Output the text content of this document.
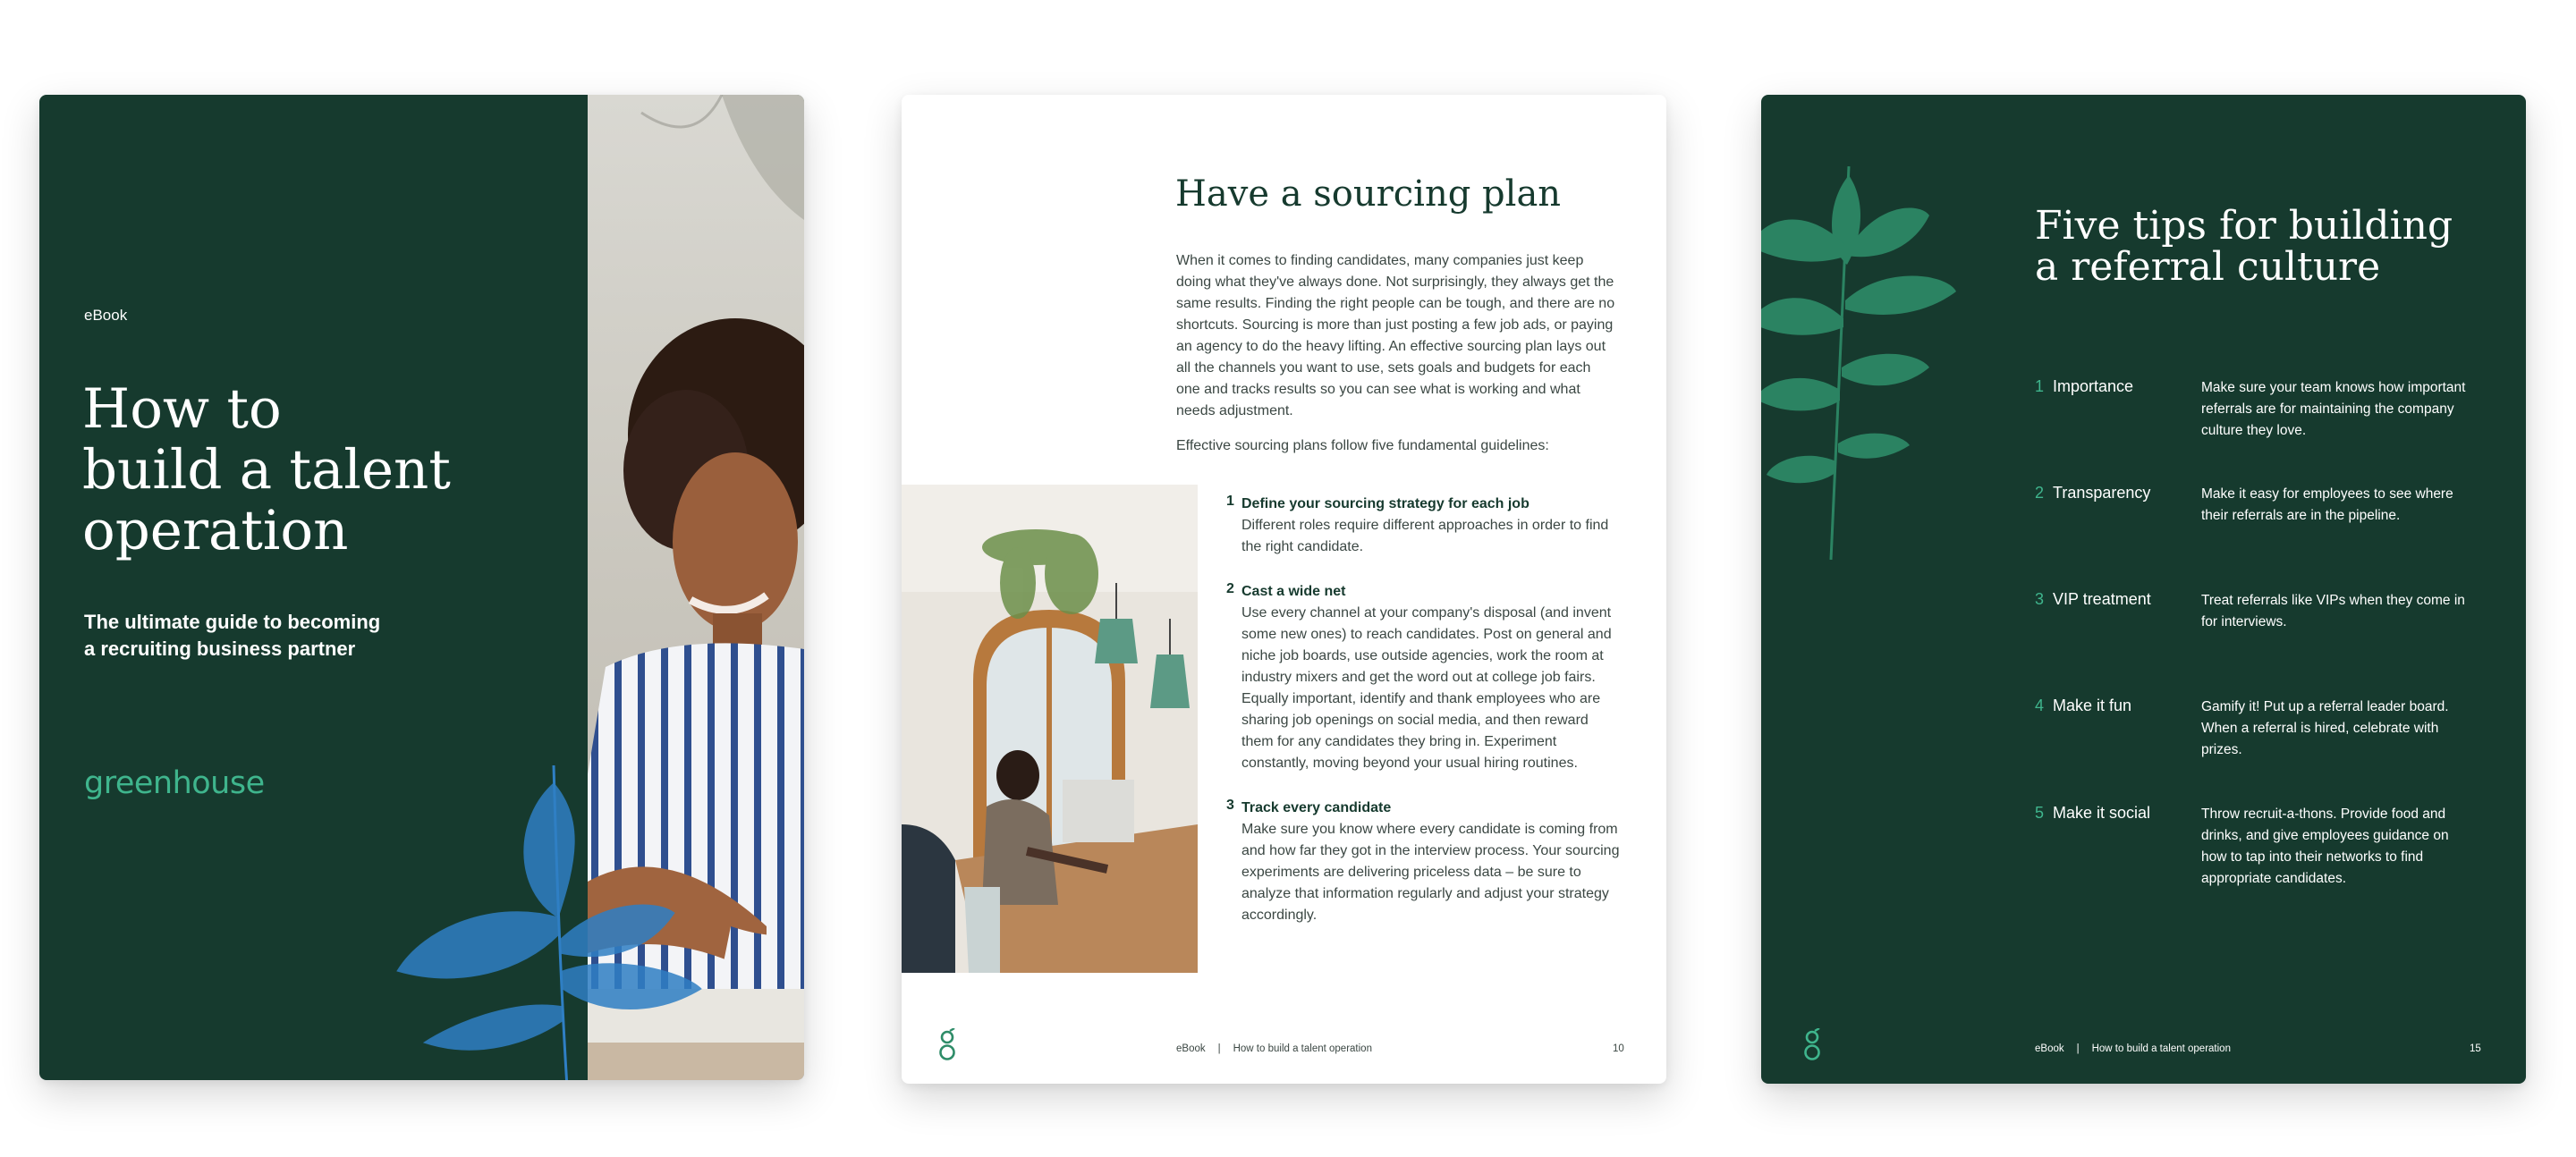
eBook
How to
build a talent
operation
The ultimate guide to becoming
a recruiting business partner
greenhouse
Have a sourcing plan

When it comes to finding candidates, many companies just keep doing what they've always done. Not surprisingly, they always get the same results. Finding the right people can be tough, and there are no shortcuts. Sourcing is more than just posting a few job ads, or paying an agency to do the heavy lifting. An effective sourcing plan lays out all the channels you want to use, sets goals and budgets for each one and tracks results so you can see what is working and what needs adjustment.

Effective sourcing plans follow five fundamental guidelines:

1 Define your sourcing strategy for each job
Different roles require different approaches in order to find the right candidate.
2 Cast a wide net
Use every channel at your company's disposal (and invent some new ones) to reach candidates. Post on general and niche job boards, use outside agencies, work the room at industry mixers and get the word out at college job fairs. Equally important, identify and thank employees who are sharing job openings on social media, and then reward them for any candidates they bring in. Experiment constantly, moving beyond your usual hiring routines.
3 Track every candidate
Make sure you know where every candidate is coming from and how far they got in the interview process. Your sourcing experiments are delivering priceless data – be sure to analyze that information regularly and adjust your strategy accordingly.
eBook | How to build a talent operation	10
Five tips for building
a referral culture
1 Importance	Make sure your team knows how important referrals are for maintaining the company culture they love.
2 Transparency	Make it easy for employees to see where their referrals are in the pipeline.
3 VIP treatment	Treat referrals like VIPs when they come in for interviews.
4 Make it fun	Gamify it! Put up a referral leader board. When a referral is hired, celebrate with prizes.
5 Make it social	Throw recruit-a-thons. Provide food and drinks, and give employees guidance on how to tap into their networks to find appropriate candidates.
eBook | How to build a talent operation	15
